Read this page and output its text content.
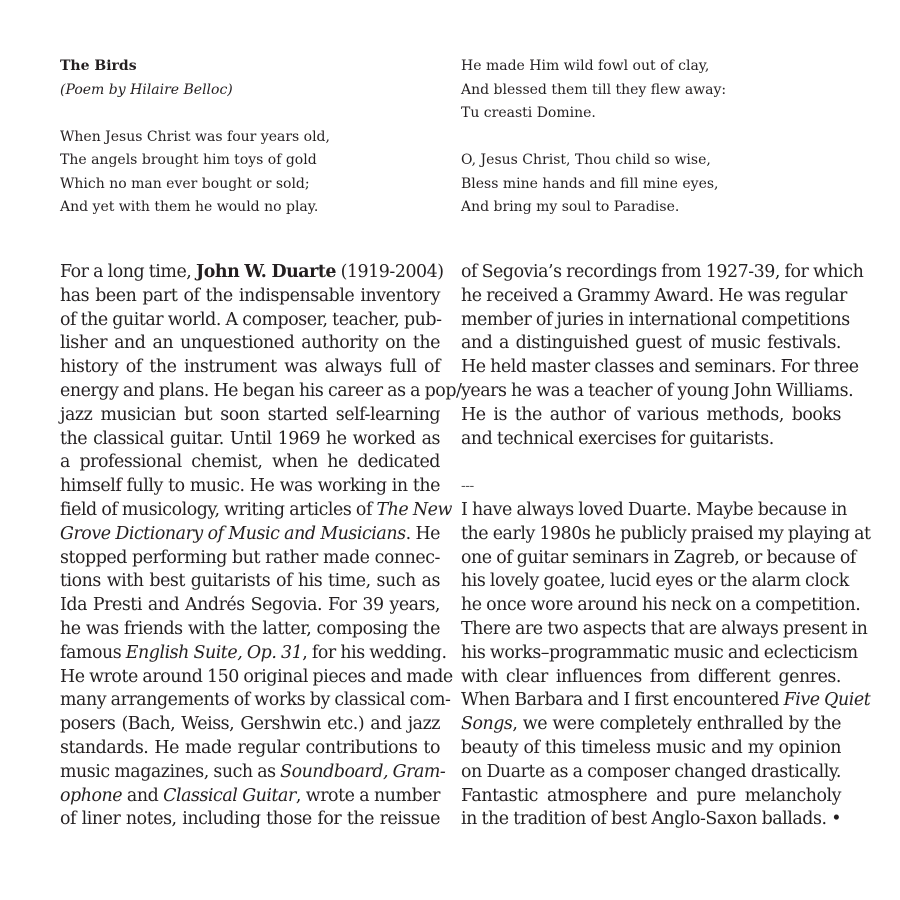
The Birds
(Poem by Hilaire Belloc)
When Jesus Christ was four years old,
The angels brought him toys of gold
Which no man ever bought or sold;
And yet with them he would no play.
He made Him wild fowl out of clay,
And blessed them till they flew away:
Tu creasti Domine.
O, Jesus Christ, Thou child so wise,
Bless mine hands and fill mine eyes,
And bring my soul to Paradise.
For a long time, John W. Duarte (1919-2004)
has been part of the indispensable inventory
of the guitar world. A composer, teacher, pub-
lisher and an unquestioned authority on the
history of the instrument was always full of
energy and plans. He began his career as a pop/
jazz musician but soon started self-learning
the classical guitar. Until 1969 he worked as
a professional chemist, when he dedicated
himself fully to music. He was working in the
field of musicology, writing articles of The New
Grove Dictionary of Music and Musicians. He
stopped performing but rather made connec-
tions with best guitarists of his time, such as
Ida Presti and Andrés Segovia. For 39 years,
he was friends with the latter, composing the
famous English Suite, Op. 31, for his wedding.
He wrote around 150 original pieces and made
many arrangements of works by classical com-
posers (Bach, Weiss, Gershwin etc.) and jazz
standards. He made regular contributions to
music magazines, such as Soundboard, Gram-
ophone and Classical Guitar, wrote a number
of liner notes, including those for the reissue
of Segovia’s recordings from 1927-39, for which
he received a Grammy Award. He was regular
member of juries in international competitions
and a distinguished guest of music festivals.
He held master classes and seminars. For three
years he was a teacher of young John Williams.
He is the author of various methods, books
and technical exercises for guitarists.
---
I have always loved Duarte. Maybe because in
the early 1980s he publicly praised my playing at
one of guitar seminars in Zagreb, or because of
his lovely goatee, lucid eyes or the alarm clock
he once wore around his neck on a competition.
There are two aspects that are always present in
his works–programmatic music and eclecticism
with clear influences from different genres.
When Barbara and I first encountered Five Quiet
Songs, we were completely enthralled by the
beauty of this timeless music and my opinion
on Duarte as a composer changed drastically.
Fantastic atmosphere and pure melancholy
in the tradition of best Anglo-Saxon ballads. •
